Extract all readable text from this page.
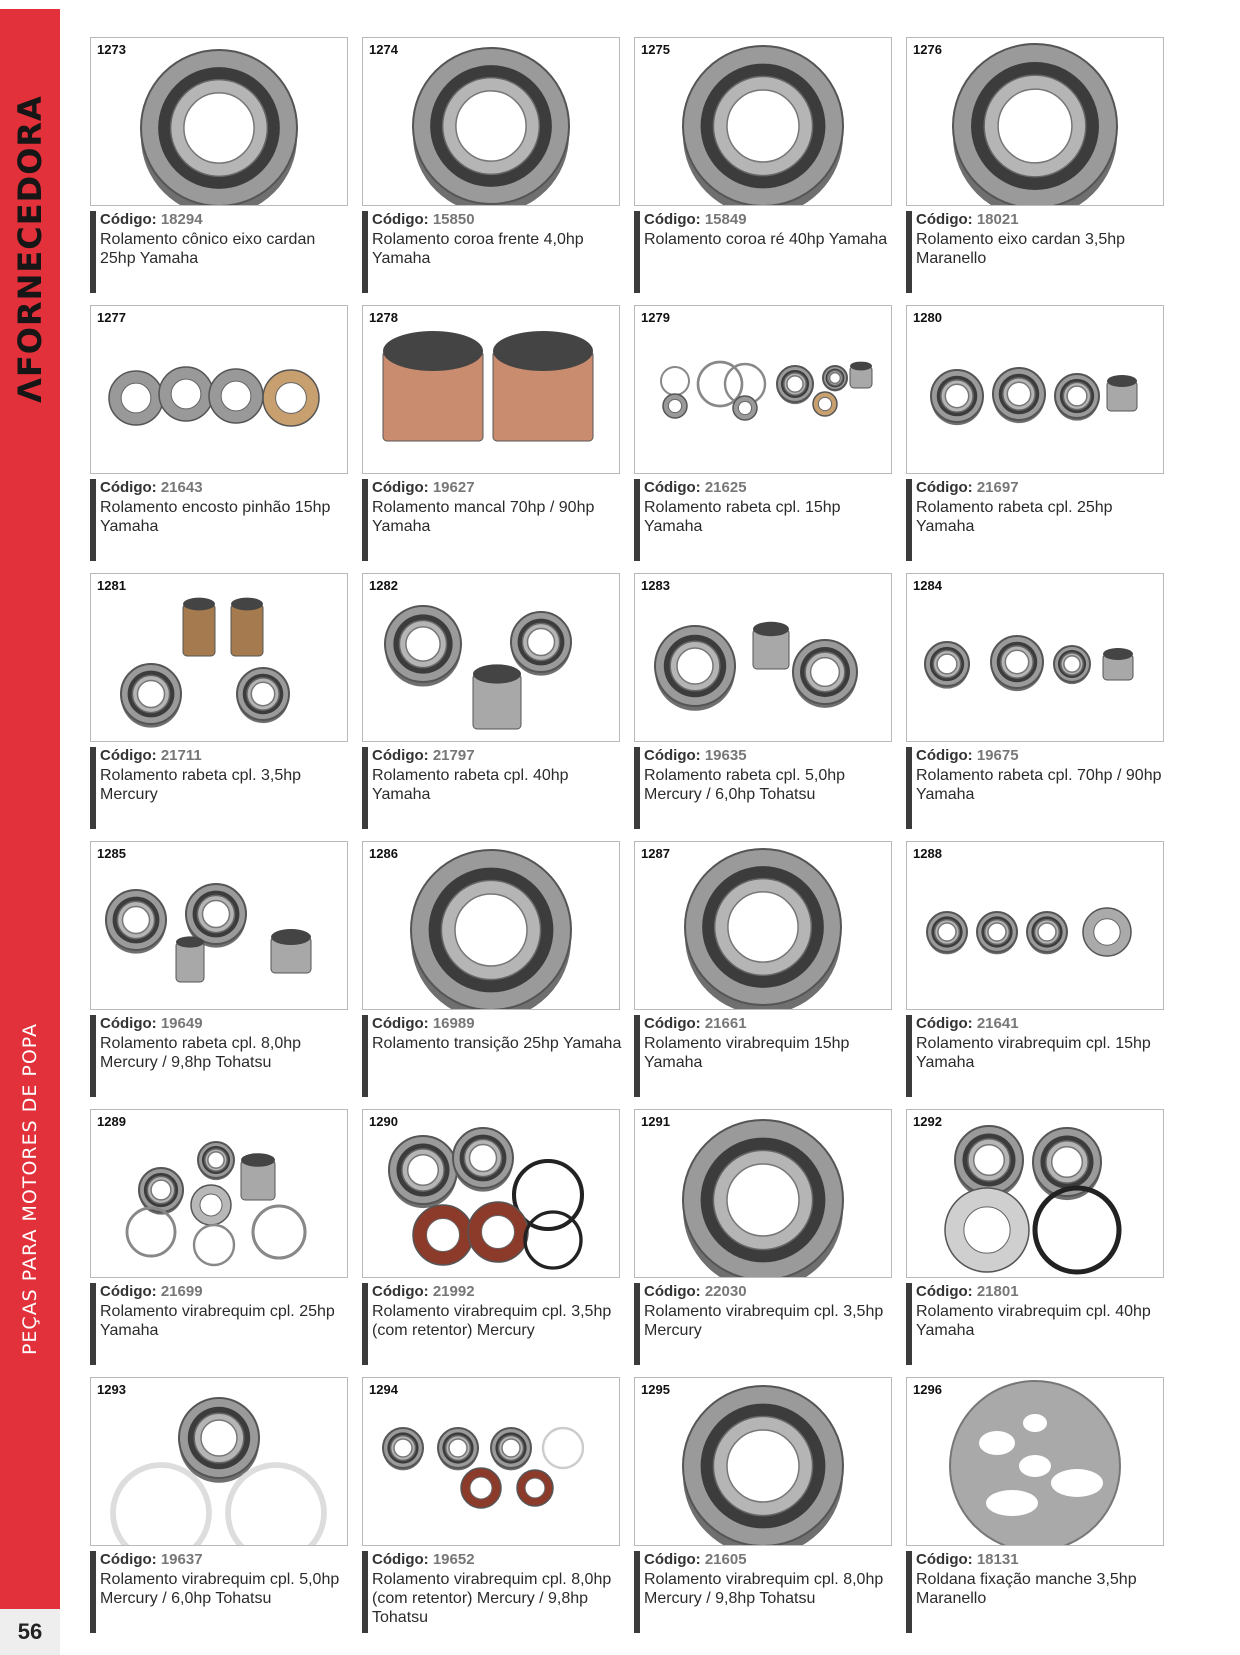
ΛFORNECEDORA
PEÇAS PARA MOTORES DE POPA
56
1273
Código: 18294
Rolamento cônico eixo cardan 25hp Yamaha
1274
Código: 15850
Rolamento coroa frente 4,0hp Yamaha
1275
Código: 15849
Rolamento coroa ré 40hp Yamaha
1276
Código: 18021
Rolamento eixo cardan 3,5hp Maranello
1277
Código: 21643
Rolamento encosto pinhão 15hp Yamaha
1278
Código: 19627
Rolamento mancal 70hp / 90hp Yamaha
1279
Código: 21625
Rolamento rabeta cpl. 15hp Yamaha
1280
Código: 21697
Rolamento rabeta cpl. 25hp Yamaha
1281
Código: 21711
Rolamento rabeta cpl. 3,5hp Mercury
1282
Código: 21797
Rolamento rabeta cpl. 40hp Yamaha
1283
Código: 19635
Rolamento rabeta cpl. 5,0hp Mercury / 6,0hp Tohatsu
1284
Código: 19675
Rolamento rabeta cpl. 70hp / 90hp Yamaha
1285
Código: 19649
Rolamento rabeta cpl. 8,0hp Mercury / 9,8hp Tohatsu
1286
Código: 16989
Rolamento transição 25hp Yamaha
1287
Código: 21661
Rolamento virabrequim 15hp Yamaha
1288
Código: 21641
Rolamento virabrequim cpl. 15hp Yamaha
1289
Código: 21699
Rolamento virabrequim cpl. 25hp Yamaha
1290
Código: 21992
Rolamento virabrequim cpl. 3,5hp (com retentor) Mercury
1291
Código: 22030
Rolamento virabrequim cpl. 3,5hp Mercury
1292
Código: 21801
Rolamento virabrequim cpl. 40hp Yamaha
1293
Código: 19637
Rolamento virabrequim cpl. 5,0hp Mercury / 6,0hp Tohatsu
1294
Código: 19652
Rolamento virabrequim cpl. 8,0hp (com retentor) Mercury / 9,8hp Tohatsu
1295
Código: 21605
Rolamento virabrequim cpl. 8,0hp Mercury / 9,8hp Tohatsu
1296
Código: 18131
Roldana fixação manche 3,5hp Maranello
